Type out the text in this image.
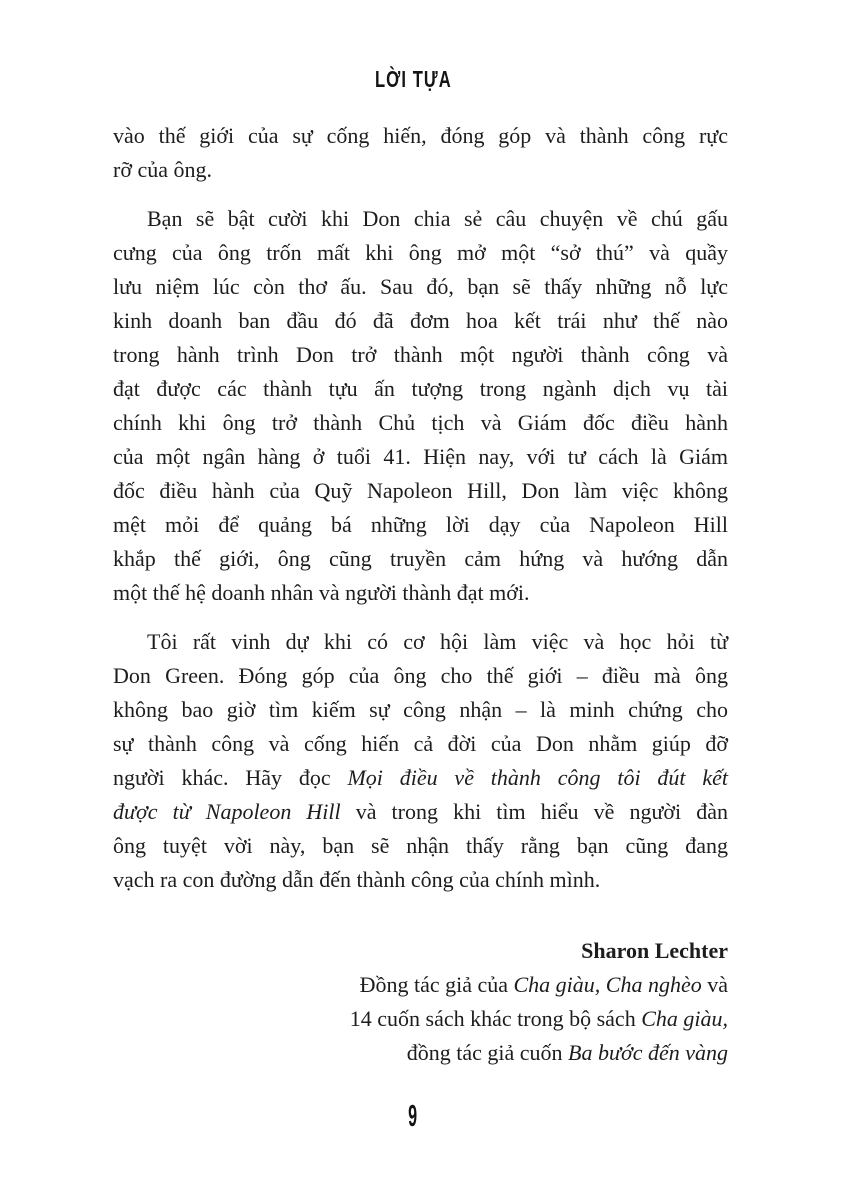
LỜI TỰA
vào thế giới của sự cống hiến, đóng góp và thành công rực
rỡ của ông.
Bạn sẽ bật cười khi Don chia sẻ câu chuyện về chú gấu
cưng của ông trốn mất khi ông mở một “sở thú” và quầy
lưu niệm lúc còn thơ ấu. Sau đó, bạn sẽ thấy những nỗ lực
kinh doanh ban đầu đó đã đơm hoa kết trái như thế nào
trong hành trình Don trở thành một người thành công và
đạt được các thành tựu ấn tượng trong ngành dịch vụ tài
chính khi ông trở thành Chủ tịch và Giám đốc điều hành
của một ngân hàng ở tuổi 41. Hiện nay, với tư cách là Giám
đốc điều hành của Quỹ Napoleon Hill, Don làm việc không
mệt mỏi để quảng bá những lời dạy của Napoleon Hill
khắp thế giới, ông cũng truyền cảm hứng và hướng dẫn
một thế hệ doanh nhân và người thành đạt mới.
Tôi rất vinh dự khi có cơ hội làm việc và học hỏi từ
Don Green. Đóng góp của ông cho thế giới – điều mà ông
không bao giờ tìm kiếm sự công nhận – là minh chứng cho
sự thành công và cống hiến cả đời của Don nhằm giúp đỡ
người khác. Hãy đọc Mọi điều về thành công tôi đút kết
được từ Napoleon Hill và trong khi tìm hiểu về người đàn
ông tuyệt vời này, bạn sẽ nhận thấy rằng bạn cũng đang
vạch ra con đường dẫn đến thành công của chính mình.
Sharon Lechter
Đồng tác giả của Cha giàu, Cha nghèo và
14 cuốn sách khác trong bộ sách Cha giàu,
đồng tác giả cuốn Ba bước đến vàng
9
